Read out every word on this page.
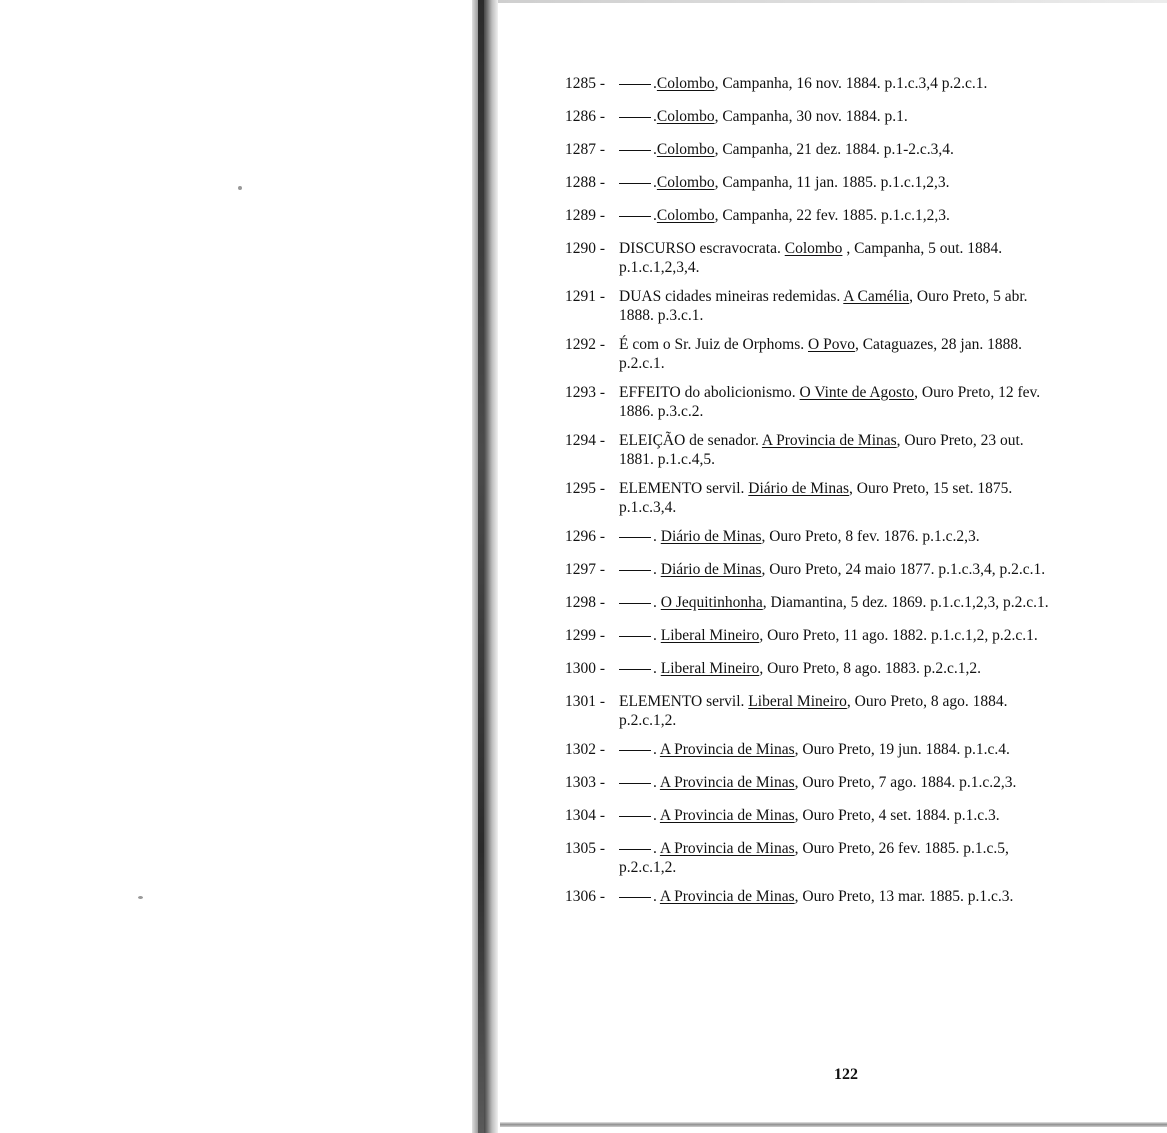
1285 -	.Colombo, Campanha, 16 nov. 1884. p.1.c.3,4 p.2.c.1.
1286 -	.Colombo, Campanha, 30 nov. 1884. p.1.
1287 -	.Colombo, Campanha, 21 dez. 1884. p.1-2.c.3,4.
1288 -	.Colombo, Campanha, 11 jan. 1885. p.1.c.1,2,3.
1289 -	.Colombo, Campanha, 22 fev. 1885. p.1.c.1,2,3.
1290 - DISCURSO escravocrata. Colombo , Campanha, 5 out. 1884.
p.1.c.1,2,3,4.
1291 - DUAS cidades mineiras redemidas. A Camélia, Ouro Preto, 5 abr.
1888. p.3.c.1.
1292 - É com o Sr. Juiz de Orphoms. O Povo, Cataguazes, 28 jan. 1888.
p.2.c.1.
1293 - EFFEITO do abolicionismo. O Vinte de Agosto, Ouro Preto, 12 fev.
1886. p.3.c.2.
1294 - ELEIÇÃO de senador. A Provincia de Minas, Ouro Preto, 23 out.
1881. p.1.c.4,5.
1295 - ELEMENTO servil. Diário de Minas, Ouro Preto, 15 set. 1875.
p.1.c.3,4.
1296 -	. Diário de Minas, Ouro Preto, 8 fev. 1876. p.1.c.2,3.
1297 -	. Diário de Minas, Ouro Preto, 24 maio 1877. p.1.c.3,4, p.2.c.1.
1298 -	. O Jequitinhonha, Diamantina, 5 dez. 1869. p.1.c.1,2,3, p.2.c.1.
1299 -	. Liberal Mineiro, Ouro Preto, 11 ago. 1882. p.1.c.1,2, p.2.c.1.
1300 -	. Liberal Mineiro, Ouro Preto, 8 ago. 1883. p.2.c.1,2.
1301 - ELEMENTO servil. Liberal Mineiro, Ouro Preto, 8 ago. 1884.
p.2.c.1,2.
1302 -	. A Provincia de Minas, Ouro Preto, 19 jun. 1884. p.1.c.4.
1303 -	. A Provincia de Minas, Ouro Preto, 7 ago. 1884. p.1.c.2,3.
1304 -	. A Provincia de Minas, Ouro Preto, 4 set. 1884. p.1.c.3.
1305 -	. A Provincia de Minas, Ouro Preto, 26 fev. 1885. p.1.c.5,
p.2.c.1,2.
1306 -	. A Provincia de Minas, Ouro Preto, 13 mar. 1885. p.1.c.3.
122
